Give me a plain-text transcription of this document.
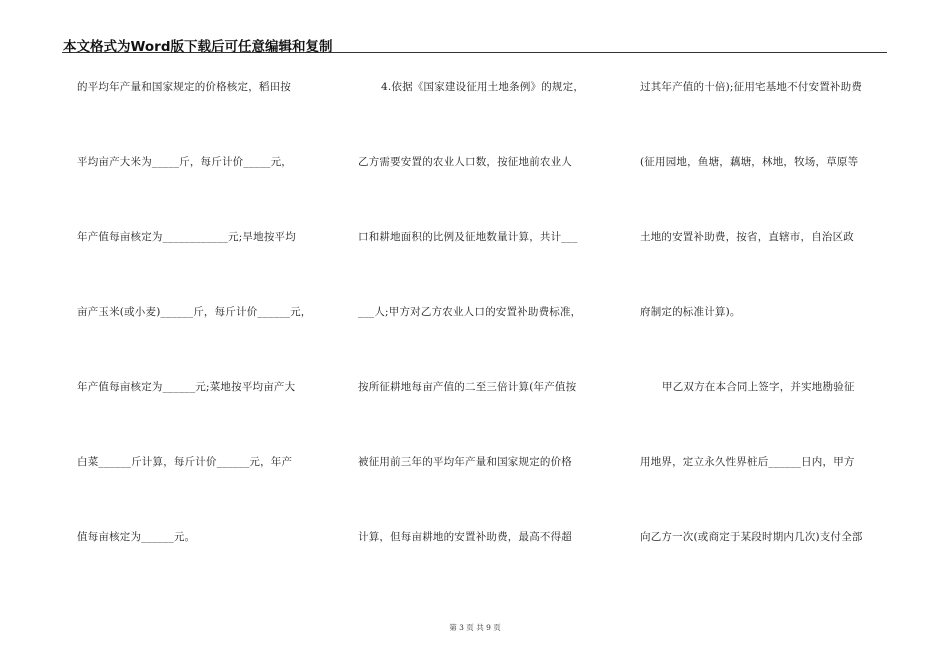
本文格式为Word版下载后可任意编辑和复制
的平均年产量和国家规定的价格核定，稻田按
平均亩产大米为_____斤，每斤计价_____元，
年产值每亩核定为____________元;旱地按平均
亩产玉米(或小麦)______斤，每斤计价______元，
年产值每亩核定为______元;菜地按平均亩产大
白菜______斤计算，每斤计价______元，年产
值每亩核定为______元。
4.依据《国家建设征用土地条例》的规定，
乙方需要安置的农业人口数，按征地前农业人
口和耕地面积的比例及征地数量计算，共计___
___人;甲方对乙方农业人口的安置补助费标准，
按所征耕地每亩产值的二至三倍计算(年产值按
被征用前三年的平均年产量和国家规定的价格
计算，但每亩耕地的安置补助费，最高不得超
过其年产值的十倍);征用宅基地不付安置补助费
(征用园地，鱼塘，藕塘，林地，牧场，草原等
土地的安置补助费，按省，直辖市，自治区政
府制定的标准计算)。
甲乙双方在本合同上签字，并实地勘验征
用地界，定立永久性界桩后______日内，甲方
向乙方一次(或商定于某段时期内几次)支付全部
第 3 页 共 9 页
